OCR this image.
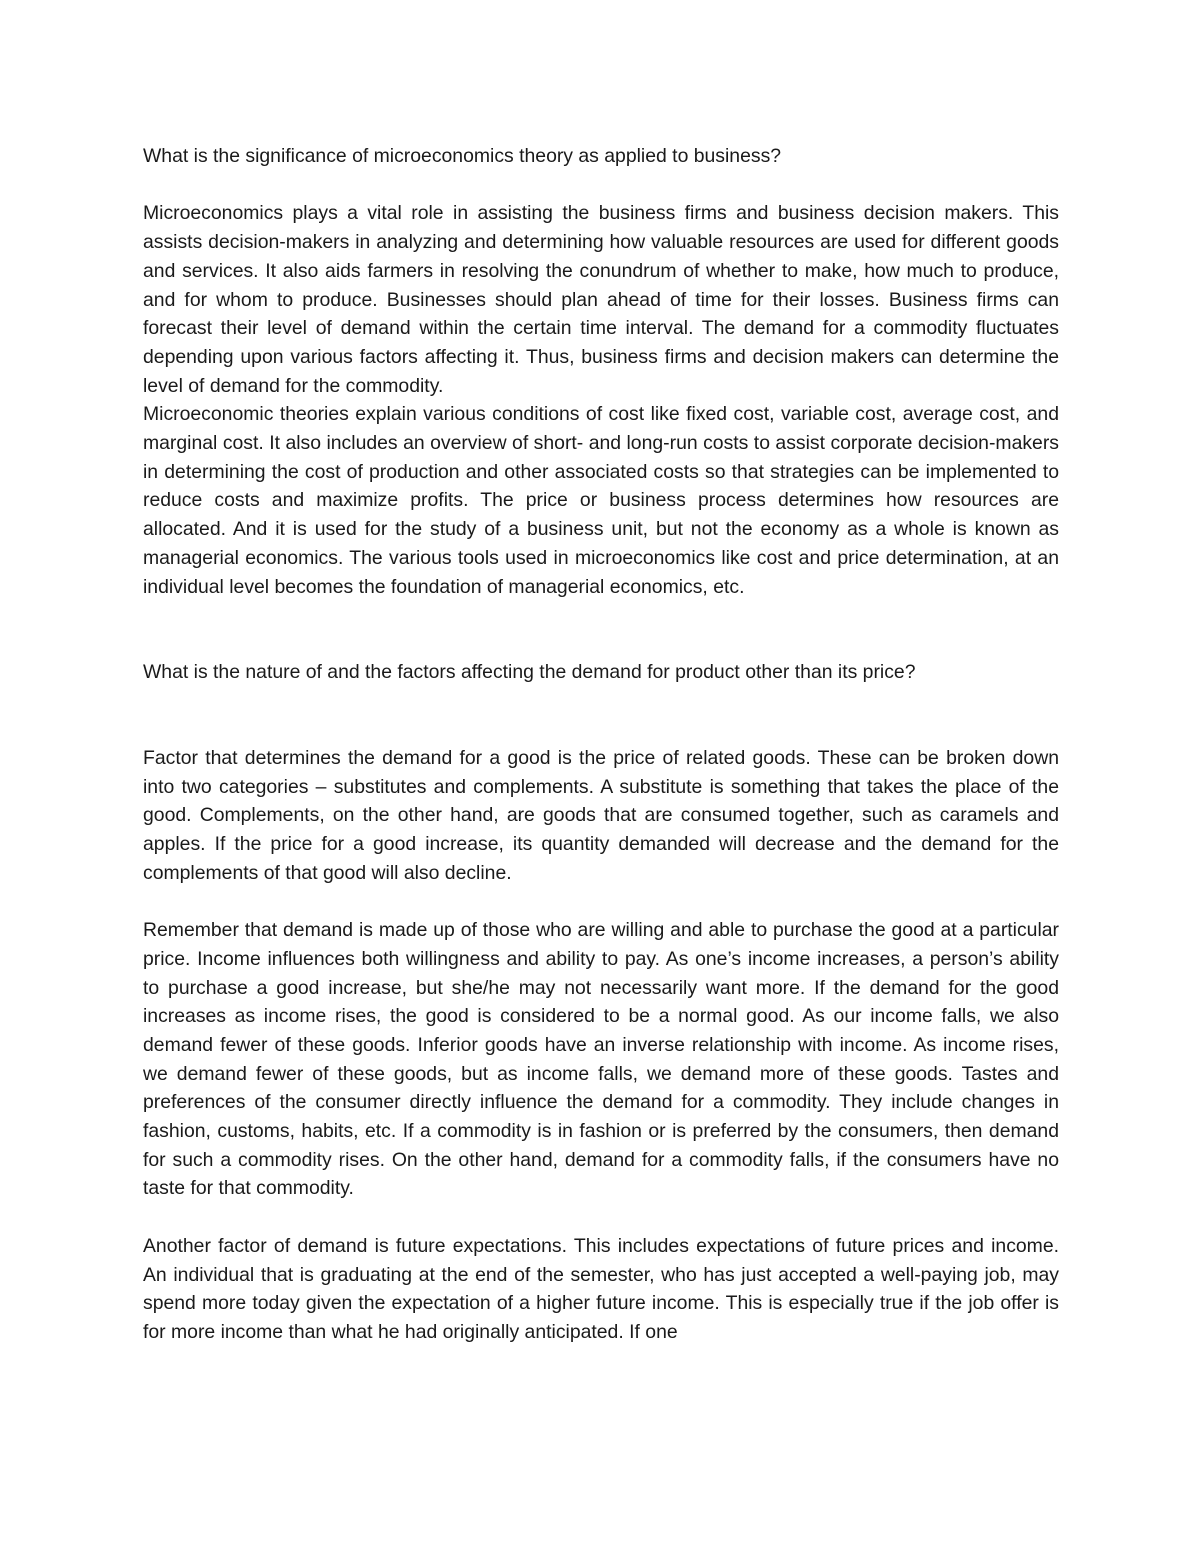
What is the significance of microeconomics theory as applied to business?

Microeconomics plays a vital role in assisting the business firms and business decision makers. This assists decision-makers in analyzing and determining how valuable resources are used for different goods and services. It also aids farmers in resolving the conundrum of whether to make, how much to produce, and for whom to produce. Businesses should plan ahead of time for their losses. Business firms can forecast their level of demand within the certain time interval. The demand for a commodity fluctuates depending upon various factors affecting it. Thus, business firms and decision makers can determine the level of demand for the commodity.

Microeconomic theories explain various conditions of cost like fixed cost, variable cost, average cost, and marginal cost. It also includes an overview of short- and long-run costs to assist corporate decision-makers in determining the cost of production and other associated costs so that strategies can be implemented to reduce costs and maximize profits. The price or business process determines how resources are allocated. And it is used for the study of a business unit, but not the economy as a whole is known as managerial economics. The various tools used in microeconomics like cost and price determination, at an individual level becomes the foundation of managerial economics, etc.

What is the nature of and the factors affecting the demand for product other than its price?

Factor that determines the demand for a good is the price of related goods. These can be broken down into two categories – substitutes and complements. A substitute is something that takes the place of the good. Complements, on the other hand, are goods that are consumed together, such as caramels and apples. If the price for a good increase, its quantity demanded will decrease and the demand for the complements of that good will also decline.

Remember that demand is made up of those who are willing and able to purchase the good at a particular price. Income influences both willingness and ability to pay. As one’s income increases, a person’s ability to purchase a good increase, but she/he may not necessarily want more. If the demand for the good increases as income rises, the good is considered to be a normal good. As our income falls, we also demand fewer of these goods. Inferior goods have an inverse relationship with income. As income rises, we demand fewer of these goods, but as income falls, we demand more of these goods. Tastes and preferences of the consumer directly influence the demand for a commodity. They include changes in fashion, customs, habits, etc. If a commodity is in fashion or is preferred by the consumers, then demand for such a commodity rises. On the other hand, demand for a commodity falls, if the consumers have no taste for that commodity.

Another factor of demand is future expectations. This includes expectations of future prices and income. An individual that is graduating at the end of the semester, who has just accepted a well-paying job, may spend more today given the expectation of a higher future income. This is especially true if the job offer is for more income than what he had originally anticipated. If one
